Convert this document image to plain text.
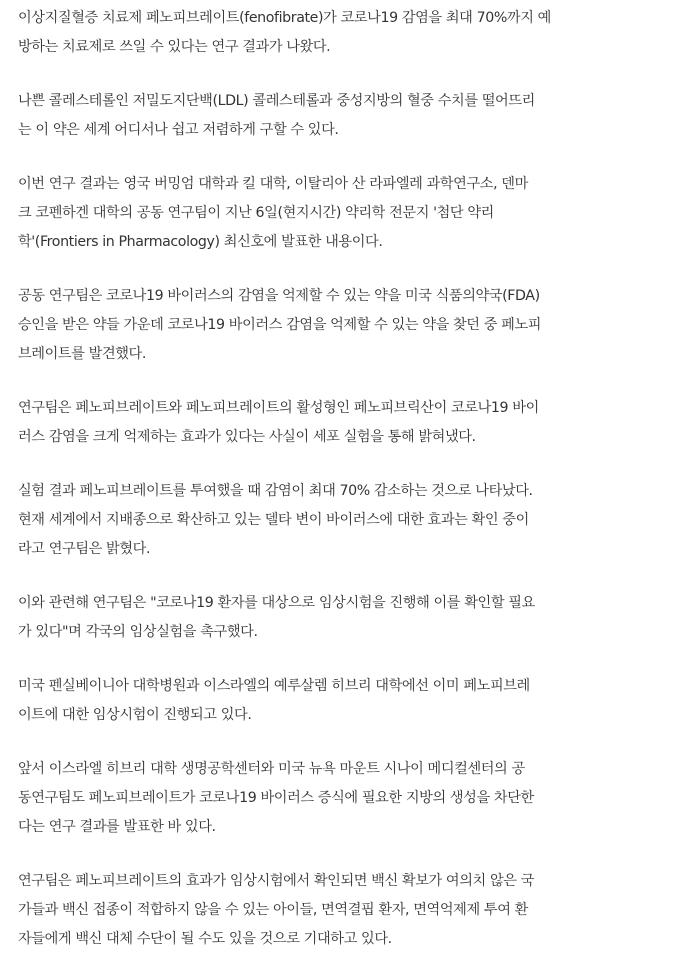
이상지질혈증 치료제 페노피브레이트(fenofibrate)가 코로나19 감염을 최대 70%까지 예
방하는 치료제로 쓰일 수 있다는 연구 결과가 나왔다.

나쁜 콜레스테롤인 저밀도지단백(LDL) 콜레스테롤과 중성지방의 혈중 수치를 떨어뜨리
는 이 약은 세계 어디서나 쉽고 저렴하게 구할 수 있다.

이번 연구 결과는 영국 버밍엄 대학과 킬 대학, 이탈리아 산 라파엘레 과학연구소, 덴마
크 코펜하겐 대학의 공동 연구팀이 지난 6일(현지시간) 약리학 전문지 '첨단 약리
학'(Frontiers in Pharmacology) 최신호에 발표한 내용이다.

공동 연구팀은 코로나19 바이러스의 감염을 억제할 수 있는 약을 미국 식품의약국(FDA)
승인을 받은 약들 가운데 코로나19 바이러스 감염을 억제할 수 있는 약을 찾던 중 페노피
브레이트를 발견했다.

연구팀은 페노피브레이트와 페노피브레이트의 활성형인 페노피브릭산이 코로나19 바이
러스 감염을 크게 억제하는 효과가 있다는 사실이 세포 실험을 통해 밝혀냈다.

실험 결과 페노피브레이트를 투여했을 때 감염이 최대 70% 감소하는 것으로 나타났다.
현재 세계에서 지배종으로 확산하고 있는 델타 변이 바이러스에 대한 효과는 확인 중이
라고 연구팀은 밝혔다.

이와 관련해 연구팀은 "코로나19 환자를 대상으로 임상시험을 진행해 이를 확인할 필요
가 있다"며 각국의 임상실험을 촉구했다.

미국 펜실베이니아 대학병원과 이스라엘의 예루살렘 히브리 대학에선 이미 페노피브레
이트에 대한 임상시험이 진행되고 있다.

앞서 이스라엘 히브리 대학 생명공학센터와 미국 뉴욕 마운트 시나이 메디컬센터의 공
동연구팀도 페노피브레이트가 코로나19 바이러스 증식에 필요한 지방의 생성을 차단한
다는 연구 결과를 발표한 바 있다.

연구팀은 페노피브레이트의 효과가 임상시험에서 확인되면 백신 확보가 여의치 않은 국
가들과 백신 접종이 적합하지 않을 수 있는 아이들, 면역결핍 환자, 면역억제제 투여 환
자들에게 백신 대체 수단이 될 수도 있을 것으로 기대하고 있다.
